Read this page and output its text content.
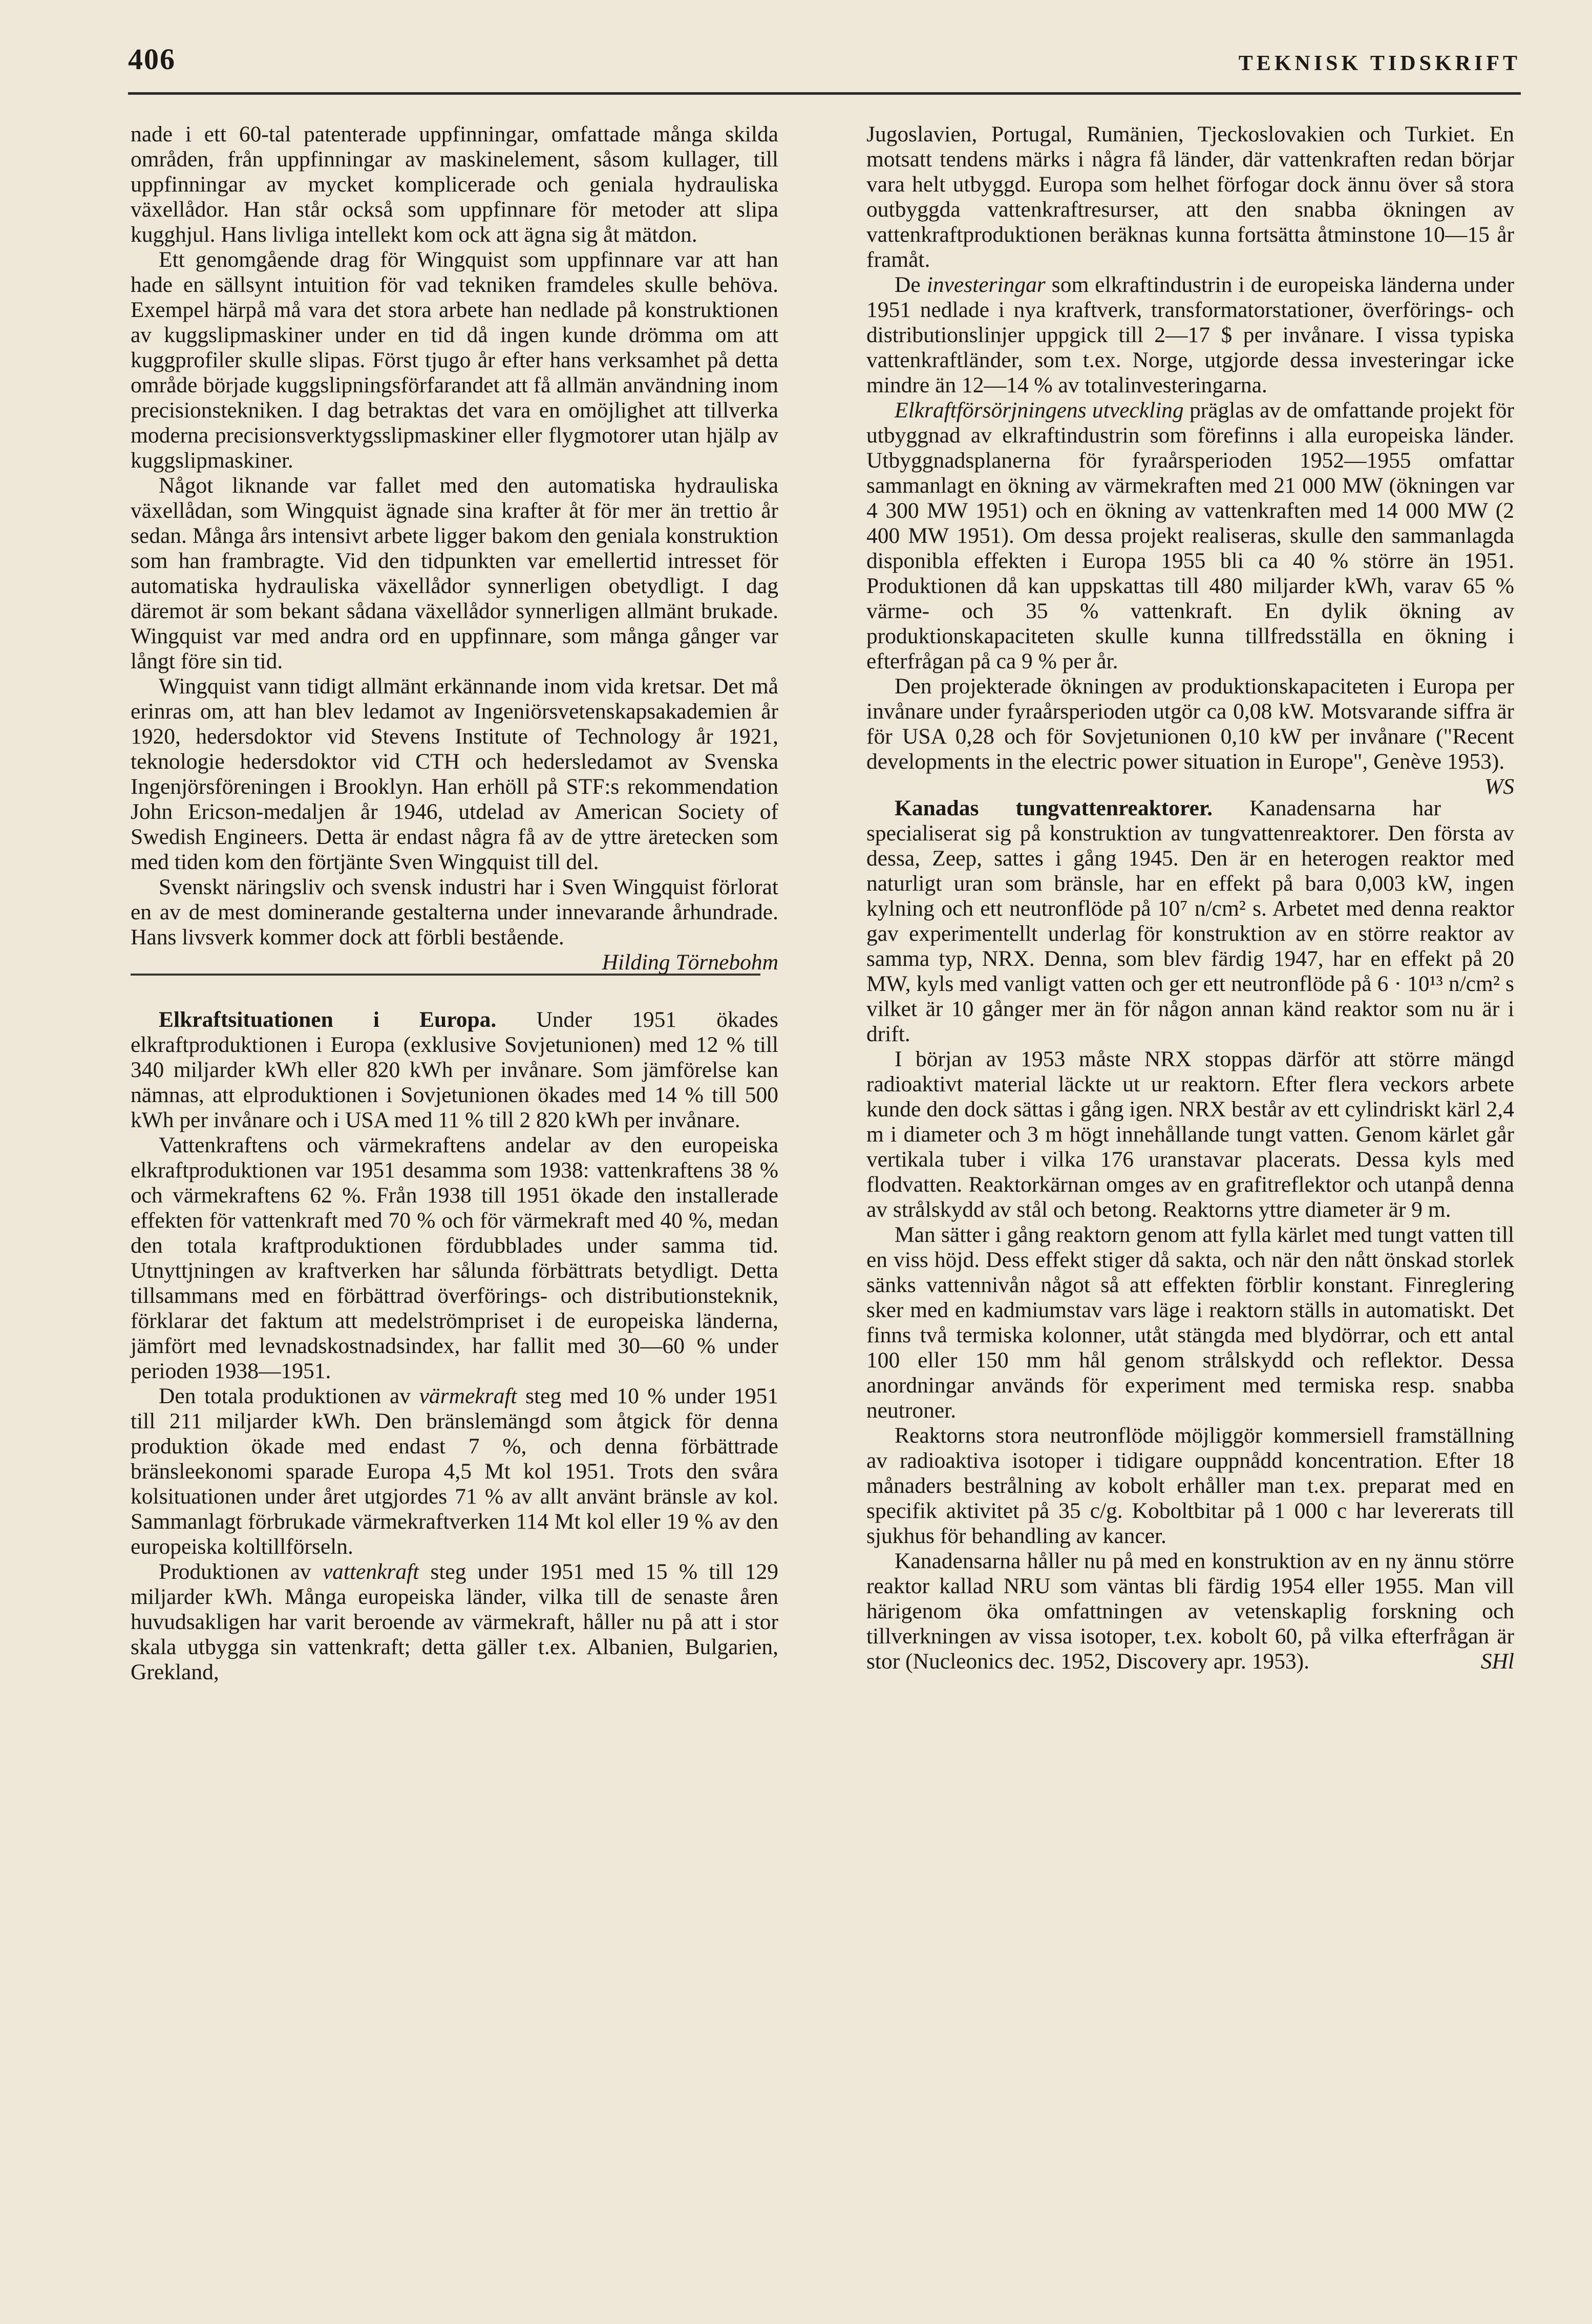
406	TEKNISK TIDSKRIFT

nade i ett 60-tal patenterade uppfinningar, omfattade många skilda områden, från uppfinningar av maskinelement, såsom kullager, till uppfinningar av mycket komplicerade och geniala hydrauliska växellådor. Han står också som uppfinnare för metoder att slipa kugghjul. Hans livliga intellekt kom ock att ägna sig åt mätdon.

Ett genomgående drag för Wingquist som uppfinnare var att han hade en sällsynt intuition för vad tekniken framdeles skulle behöva. Exempel härpå må vara det stora arbete han nedlade på konstruktionen av kuggslipmaskiner under en tid då ingen kunde drömma om att kuggprofiler skulle slipas. Först tjugo år efter hans verksamhet på detta område började kuggslipningsförfarandet att få allmän användning inom precisionstekniken. I dag betraktas det vara en omöjlighet att tillverka moderna precisionsverktygsslipmaskiner eller flygmotorer utan hjälp av kuggslipmaskiner.

Något liknande var fallet med den automatiska hydrauliska växellådan, som Wingquist ägnade sina krafter åt för mer än trettio år sedan. Många års intensivt arbete ligger bakom den geniala konstruktion som han frambragte. Vid den tidpunkten var emellertid intresset för automatiska hydrauliska växellådor synnerligen obetydligt. I dag däremot är som bekant sådana växellådor synnerligen allmänt brukade. Wingquist var med andra ord en uppfinnare, som många gånger var långt före sin tid.

Wingquist vann tidigt allmänt erkännande inom vida kretsar. Det må erinras om, att han blev ledamot av Ingeniörsvetenskapsakademien år 1920, hedersdoktor vid Stevens Institute of Technology år 1921, teknologie hedersdoktor vid CTH och hedersledamot av Svenska Ingenjörsföreningen i Brooklyn. Han erhöll på STF:s rekommendation John Ericson-medaljen år 1946, utdelad av American Society of Swedish Engineers. Detta är endast några få av de yttre äretecken som med tiden kom den förtjänte Sven Wingquist till del.

Svenskt näringsliv och svensk industri har i Sven Wingquist förlorat en av de mest dominerande gestalterna under innevarande århundrade. Hans livsverk kommer dock att förbli bestående.
Hilding Törnebohm

Elkraftsituationen i Europa. Under 1951 ökades elkraftproduktionen i Europa (exklusive Sovjetunionen) med 12 % till 340 miljarder kWh eller 820 kWh per invånare. Som jämförelse kan nämnas, att elproduktionen i Sovjetunionen ökades med 14 % till 500 kWh per invånare och i USA med 11 % till 2 820 kWh per invånare.

Vattenkraftens och värmekraftens andelar av den europeiska elkraftproduktionen var 1951 desamma som 1938: vattenkraftens 38 % och värmekraftens 62 %. Från 1938 till 1951 ökade den installerade effekten för vattenkraft med 70 % och för värmekraft med 40 %, medan den totala kraftproduktionen fördubblades under samma tid. Utnyttjningen av kraftverken har sålunda förbättrats betydligt. Detta tillsammans med en förbättrad överförings- och distributionsteknik, förklarar det faktum att medelströmpriset i de europeiska länderna, jämfört med levnadskostnadsindex, har fallit med 30—60 % under perioden 1938—1951.

Den totala produktionen av värmekraft steg med 10 % under 1951 till 211 miljarder kWh. Den bränslemängd som åtgick för denna produktion ökade med endast 7 %, och denna förbättrade bränsleekonomi sparade Europa 4,5 Mt kol 1951. Trots den svåra kolsituationen under året utgjordes 71 % av allt använt bränsle av kol. Sammanlagt förbrukade värmekraftverken 114 Mt kol eller 19 % av den europeiska koltillförseln.

Produktionen av vattenkraft steg under 1951 med 15 % till 129 miljarder kWh. Många europeiska länder, vilka till de senaste åren huvudsakligen har varit beroende av värmekraft, håller nu på att i stor skala utbygga sin vattenkraft; detta gäller t.ex. Albanien, Bulgarien, Grekland,

Jugoslavien, Portugal, Rumänien, Tjeckoslovakien och Turkiet. En motsatt tendens märks i några få länder, där vattenkraften redan börjar vara helt utbyggd. Europa som helhet förfogar dock ännu över så stora outbyggda vattenkraftresurser, att den snabba ökningen av vattenkraftproduktionen beräknas kunna fortsätta åtminstone 10—15 år framåt.

De investeringar som elkraftindustrin i de europeiska länderna under 1951 nedlade i nya kraftverk, transformatorstationer, överförings- och distributionslinjer uppgick till 2—17 $ per invånare. I vissa typiska vattenkraftländer, som t.ex. Norge, utgjorde dessa investeringar icke mindre än 12—14 % av totalinvesteringarna.

Elkraftförsörjningens utveckling präglas av de omfattande projekt för utbyggnad av elkraftindustrin som förefinns i alla europeiska länder. Utbyggnadsplanerna för fyraårsperioden 1952—1955 omfattar sammanlagt en ökning av värmekraften med 21 000 MW (ökningen var 4 300 MW 1951) och en ökning av vattenkraften med 14 000 MW (2 400 MW 1951). Om dessa projekt realiseras, skulle den sammanlagda disponibla effekten i Europa 1955 bli ca 40 % större än 1951. Produktionen då kan uppskattas till 480 miljarder kWh, varav 65 % värme- och 35 % vattenkraft. En dylik ökning av produktionskapaciteten skulle kunna tillfredsställa en ökning i efterfrågan på ca 9 % per år.

Den projekterade ökningen av produktionskapaciteten i Europa per invånare under fyraårsperioden utgör ca 0,08 kW. Motsvarande siffra är för USA 0,28 och för Sovjetunionen 0,10 kW per invånare ("Recent developments in the electric power situation in Europe", Genève 1953).
WS

Kanadas tungvattenreaktorer. Kanadensarna har specialiserat sig på konstruktion av tungvattenreaktorer. Den första av dessa, Zeep, sattes i gång 1945. Den är en heterogen reaktor med naturligt uran som bränsle, har en effekt på bara 0,003 kW, ingen kylning och ett neutronflöde på 10⁷ n/cm² s. Arbetet med denna reaktor gav experimentellt underlag för konstruktion av en större reaktor av samma typ, NRX. Denna, som blev färdig 1947, har en effekt på 20 MW, kyls med vanligt vatten och ger ett neutronflöde på 6 · 10¹³ n/cm² s vilket är 10 gånger mer än för någon annan känd reaktor som nu är i drift.

I början av 1953 måste NRX stoppas därför att större mängd radioaktivt material läckte ut ur reaktorn. Efter flera veckors arbete kunde den dock sättas i gång igen. NRX består av ett cylindriskt kärl 2,4 m i diameter och 3 m högt innehållande tungt vatten. Genom kärlet går vertikala tuber i vilka 176 uranstavar placerats. Dessa kyls med flodvatten. Reaktorkärnan omges av en grafitreflektor och utanpå denna av strålskydd av stål och betong. Reaktorns yttre diameter är 9 m.

Man sätter i gång reaktorn genom att fylla kärlet med tungt vatten till en viss höjd. Dess effekt stiger då sakta, och när den nått önskad storlek sänks vattennivån något så att effekten förblir konstant. Finreglering sker med en kadmiumstav vars läge i reaktorn ställs in automatiskt. Det finns två termiska kolonner, utåt stängda med blydörrar, och ett antal 100 eller 150 mm hål genom strålskydd och reflektor. Dessa anordningar används för experiment med termiska resp. snabba neutroner.

Reaktorns stora neutronflöde möjliggör kommersiell framställning av radioaktiva isotoper i tidigare ouppnådd koncentration. Efter 18 månaders bestrålning av kobolt erhåller man t.ex. preparat med en specifik aktivitet på 35 c/g. Koboltbitar på 1 000 c har levererats till sjukhus för behandling av kancer.

Kanadensarna håller nu på med en konstruktion av en ny ännu större reaktor kallad NRU som väntas bli färdig 1954 eller 1955. Man vill härigenom öka omfattningen av vetenskaplig forskning och tillverkningen av vissa isotoper, t.ex. kobolt 60, på vilka efterfrågan är stor (Nucleonics dec. 1952, Discovery apr. 1953).	SHl
